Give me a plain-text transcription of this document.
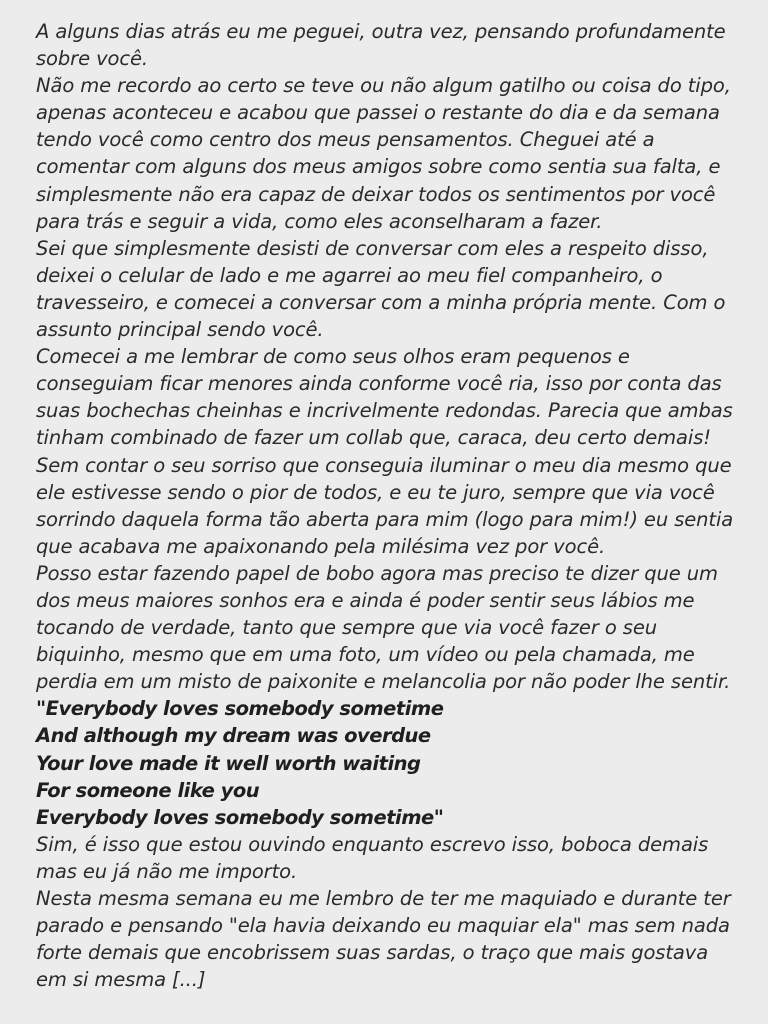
A alguns dias atrás eu me peguei, outra vez, pensando profundamente sobre você.

Não me recordo ao certo se teve ou não algum gatilho ou coisa do tipo, apenas aconteceu e acabou que passei o restante do dia e da semana tendo você como centro dos meus pensamentos. Cheguei até a comentar com alguns dos meus amigos sobre como sentia sua falta, e simplesmente não era capaz de deixar todos os sentimentos por você para trás e seguir a vida, como eles aconselharam a fazer.

Sei que simplesmente desisti de conversar com eles a respeito disso, deixei o celular de lado e me agarrei ao meu fiel companheiro, o travesseiro, e comecei a conversar com a minha própria mente. Com o assunto principal sendo você.

Comecei a me lembrar de como seus olhos eram pequenos e conseguiam ficar menores ainda conforme você ria, isso por conta das suas bochechas cheinhas e incrivelmente redondas. Parecia que ambas tinham combinado de fazer um collab que, caraca, deu certo demais!

Sem contar o seu sorriso que conseguia iluminar o meu dia mesmo que ele estivesse sendo o pior de todos, e eu te juro, sempre que via você sorrindo daquela forma tão aberta para mim (logo para mim!) eu sentia que acabava me apaixonando pela milésima vez por você.

Posso estar fazendo papel de bobo agora mas preciso te dizer que um dos meus maiores sonhos era e ainda é poder sentir seus lábios me tocando de verdade, tanto que sempre que via você fazer o seu biquinho, mesmo que em uma foto, um vídeo ou pela chamada, me perdia em um misto de paixonite e melancolia por não poder lhe sentir.

"Everybody loves somebody sometime

And although my dream was overdue

Your love made it well worth waiting

For someone like you

Everybody loves somebody sometime"

Sim, é isso que estou ouvindo enquanto escrevo isso, boboca demais mas eu já não me importo.

Nesta mesma semana eu me lembro de ter me maquiado e durante ter parado e pensando "ela havia deixando eu maquiar ela" mas sem nada forte demais que encobrissem suas sardas, o traço que mais gostava em si mesma [...]
